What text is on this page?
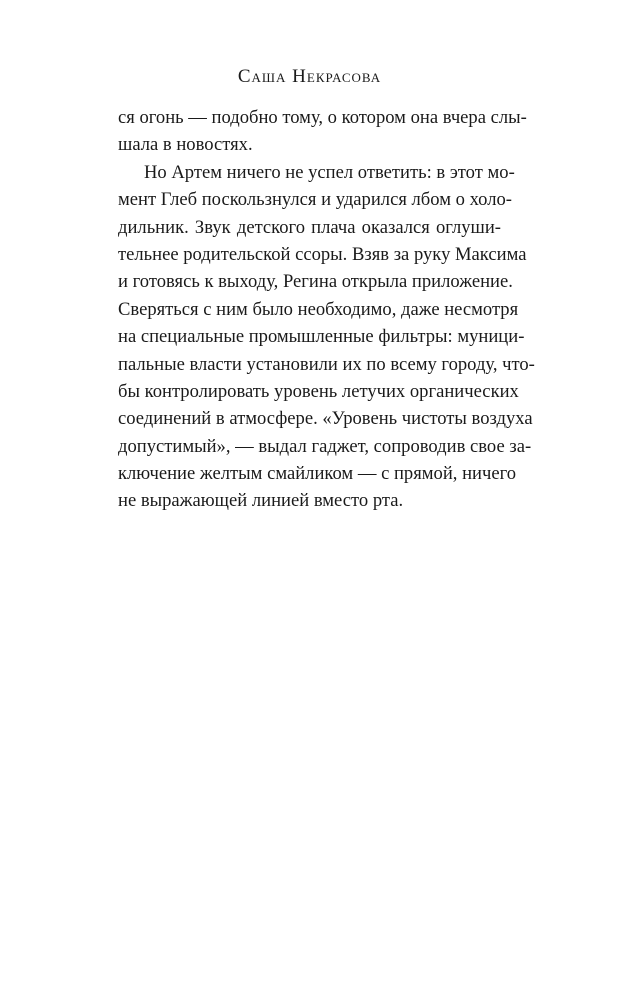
Саша Некрасова
ся огонь — подобно тому, о котором она вчера слы-
шала в новостях.
Но Артем ничего не успел ответить: в этот мо-
мент Глеб поскользнулся и ударился лбом о холо-
дильник. Звук детского плача оказался оглуши-
тельнее родительской ссоры. Взяв за руку Максима
и готовясь к выходу, Регина открыла приложение.
Сверяться с ним было необходимо, даже несмотря
на специальные промышленные фильтры: муници-
пальные власти установили их по всему городу, что-
бы контролировать уровень летучих органических
соединений в атмосфере. «Уровень чистоты воздуха
допустимый», — выдал гаджет, сопроводив свое за-
ключение желтым смайликом — с прямой, ничего
не выражающей линией вместо рта.
